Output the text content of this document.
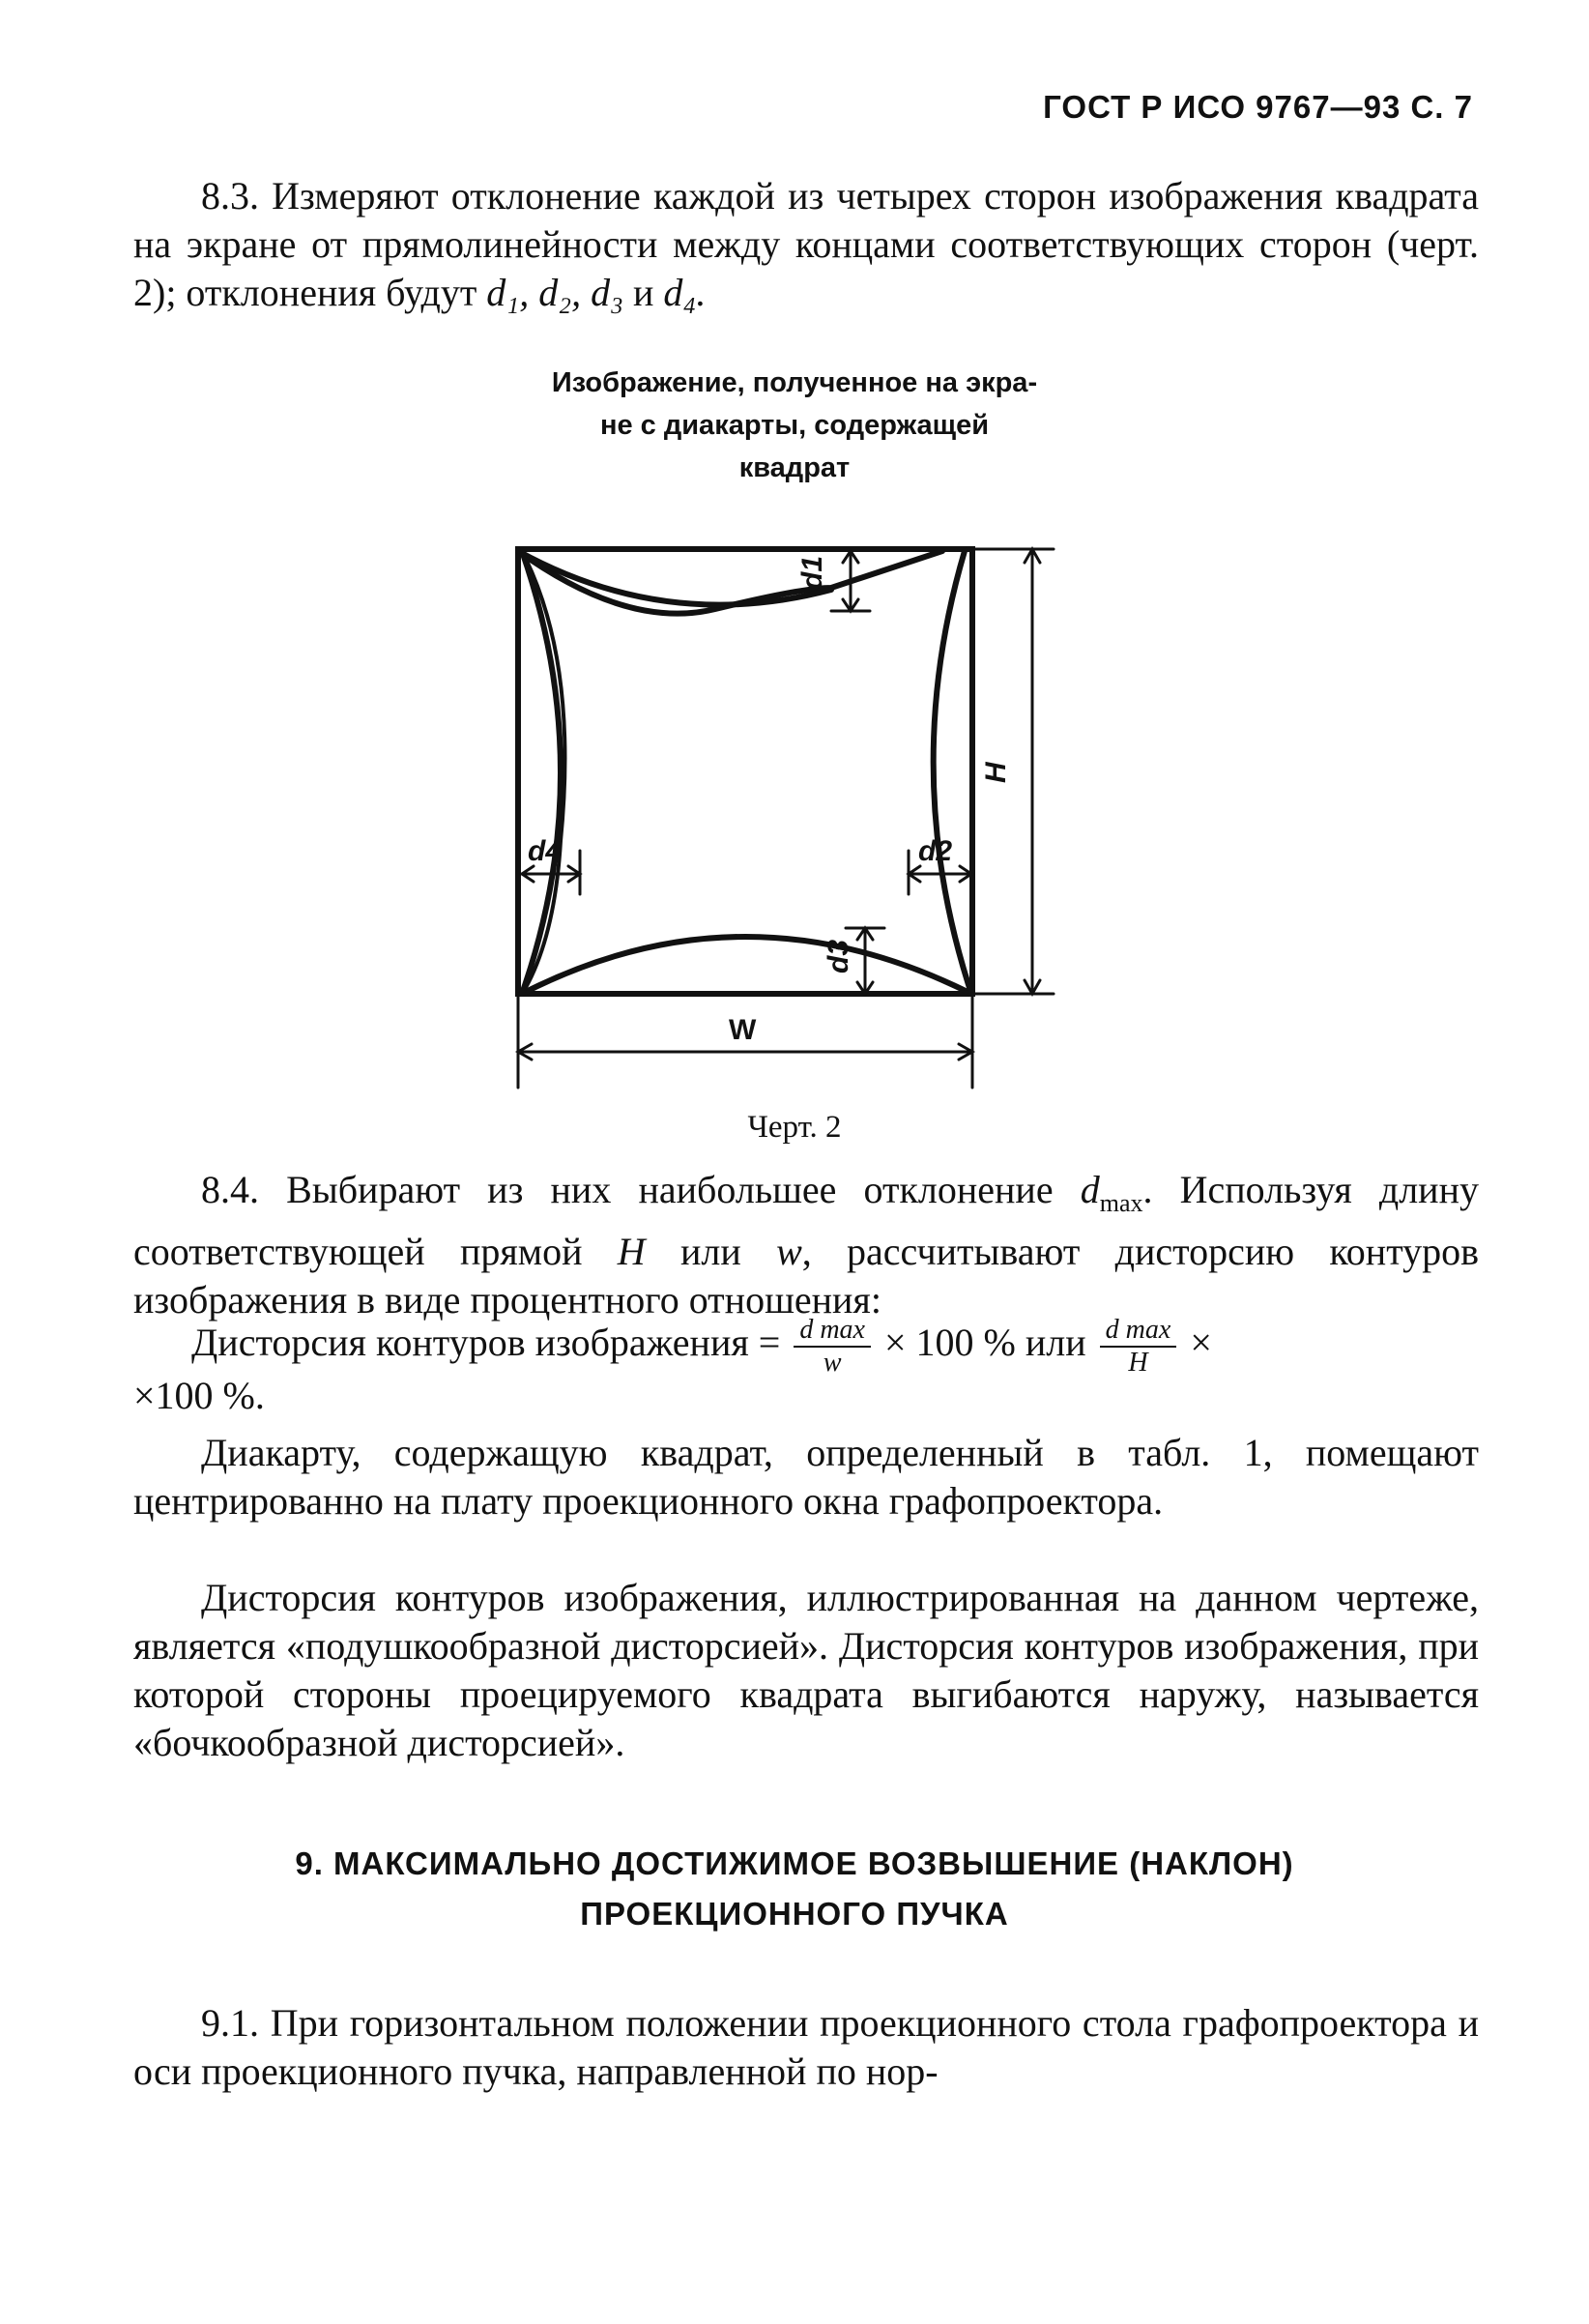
ГОСТ Р ИСО 9767—93 С. 7
8.3. Измеряют отклонение каждой из четырех сторон изображения квадрата на экране от прямолинейности между концами соответствующих сторон (черт. 2); отклонения будут d₁, d₂, d₃ и d₄.
Изображение, полученное на экра-
не с диакарты, содержащей
квадрат
d1
d2
d3
d4
H
W
Черт. 2
8.4. Выбирают из них наибольшее отклонение $d_{max}$. Используя длину соответствующей прямой H или w, рассчитывают дисторсию контуров изображения в виде процентного отношения:
Дисторсия контуров изображения = $\frac{\text{d max}}{w} \times 100$ % или $\frac{\text{d max}}{H}$ ×
×100 %.
Диакарту, содержащую квадрат, определенный в табл. 1, помещают центрированно на плату проекционного окна графопроектора.
Дисторсия контуров изображения, иллюстрированная на данном чертеже, является «подушкообразной дисторсией». Дисторсия контуров изображения, при которой стороны проецируемого квадрата выгибаются наружу, называется «бочкообразной дисторсией».
9. МАКСИМАЛЬНО ДОСТИЖИМОЕ ВОЗВЫШЕНИЕ (НАКЛОН)
ПРОЕКЦИОННОГО ПУЧКА
9.1. При горизонтальном положении проекционного стола графопроектора и оси проекционного пучка, направленной по нор-
